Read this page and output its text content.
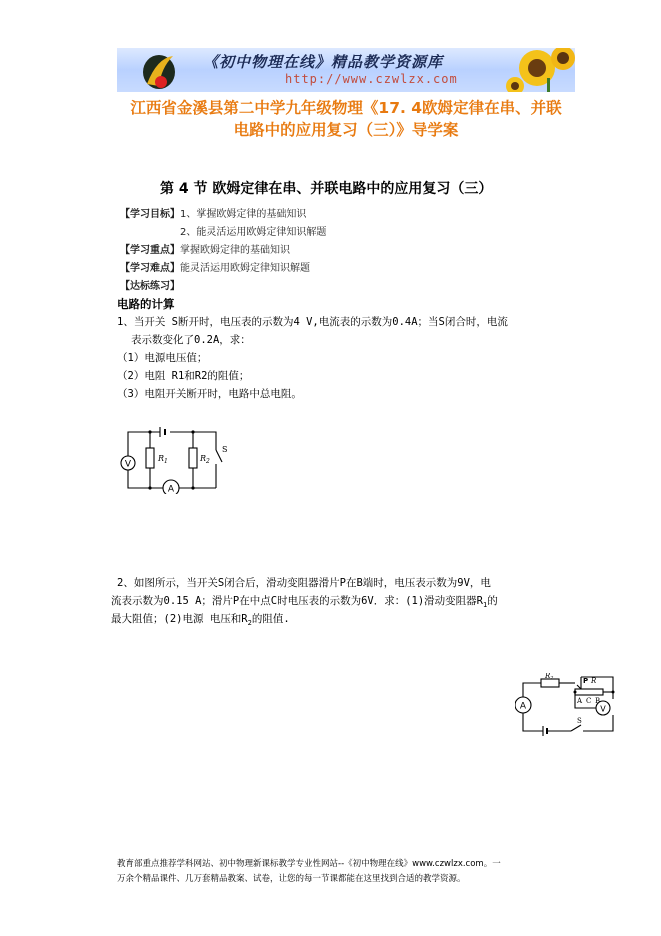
《初中物理在线》精品教学资源库
http://www.czwlzx.com
江西省金溪县第二中学九年级物理《17. 4欧姆定律在串、并联
电路中的应用复习（三）》导学案
第 4 节 欧姆定律在串、并联电路中的应用复习（三）
【学习目标】1、掌握欧姆定律的基础知识
2、能灵活运用欧姆定律知识解题
【学习重点】掌握欧姆定律的基础知识
【学习难点】能灵活运用欧姆定律知识解题
【达标练习】
电路的计算
1、当开关 S断开时，电压表的示数为4 V,电流表的示数为0.4A；当S闭合时，电流
表示数变化了0.2A，求：
（1）电源电压值；
（2）电阻 R1和R2的阻值；
（3）电阻开关断开时，电路中总电阻。
V
A
$R_1$	$R_2$
S
2、如图所示，当开关S闭合后，滑动变阻器滑片P在B端时，电压表示数为9V，电
流表示数为0.15 A；滑片P在中点C时电压表的示数为6V．求：(1)滑动变阻器$R_1$的
最大阻值；(2)电源 电压和$R_2$的阻值.
A	V
$R_2$	P R
A C B
S
教育部重点推荐学科网站、初中物理新课标教学专业性网站--《初中物理在线》www.czwlzx.com。一
万余个精品课件、几万套精品教案、试卷，让您的每一节课都能在这里找到合适的教学资源。
